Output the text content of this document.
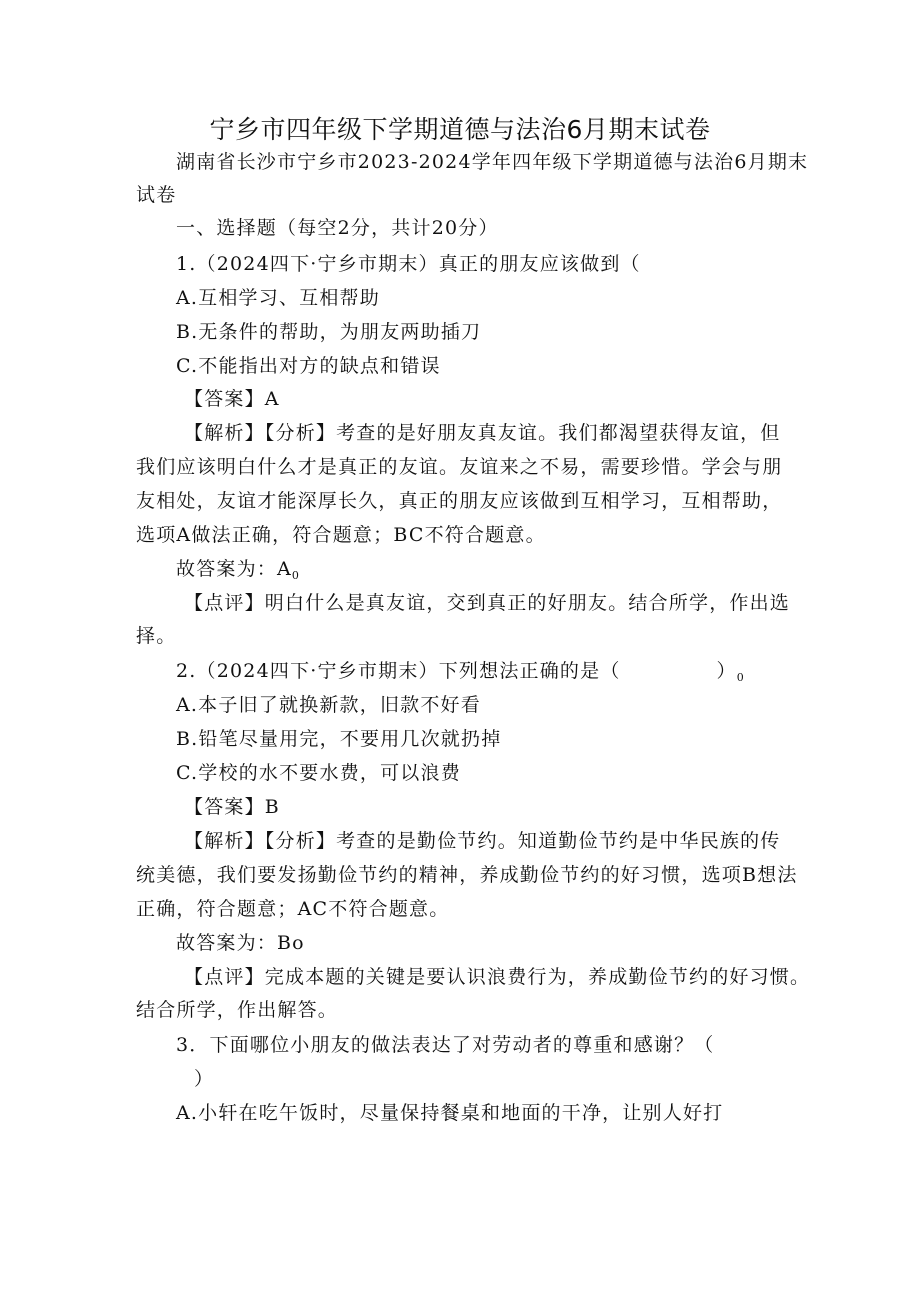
宁乡市四年级下学期道德与法治6月期末试卷
湖南省长沙市宁乡市2023-2024学年四年级下学期道德与法治6月期末
试卷
一、选择题（每空2分，共计20分）
1.（2024四下·宁乡市期末）真正的朋友应该做到（
A.互相学习、互相帮助
B.无条件的帮助，为朋友两助插刀
C.不能指出对方的缺点和错误
【答案】A
【解析】【分析】考查的是好朋友真友谊。我们都渴望获得友谊，但
我们应该明白什么才是真正的友谊。友谊来之不易，需要珍惜。学会与朋
友相处，友谊才能深厚长久，真正的朋友应该做到互相学习，互相帮助，
选项A做法正确，符合题意；BC不符合题意。
故答案为：$A_0$
【点评】明白什么是真友谊，交到真正的好朋友。结合所学，作出选
择。
2.（2024四下·宁乡市期末）下列想法正确的是（	）$_0$
A.本子旧了就换新款，旧款不好看
B.铅笔尽量用完，不要用几次就扔掉
C.学校的水不要水费，可以浪费
【答案】B
【解析】【分析】考查的是勤俭节约。知道勤俭节约是中华民族的传
统美德，我们要发扬勤俭节约的精神，养成勤俭节约的好习惯，选项B想法
正确，符合题意；AC不符合题意。
故答案为：Bo
【点评】完成本题的关键是要认识浪费行为，养成勤俭节约的好习惯。
结合所学，作出解答。
3．下面哪位小朋友的做法表达了对劳动者的尊重和感谢？（
）
A.小轩在吃午饭时，尽量保持餐桌和地面的干净，让别人好打
